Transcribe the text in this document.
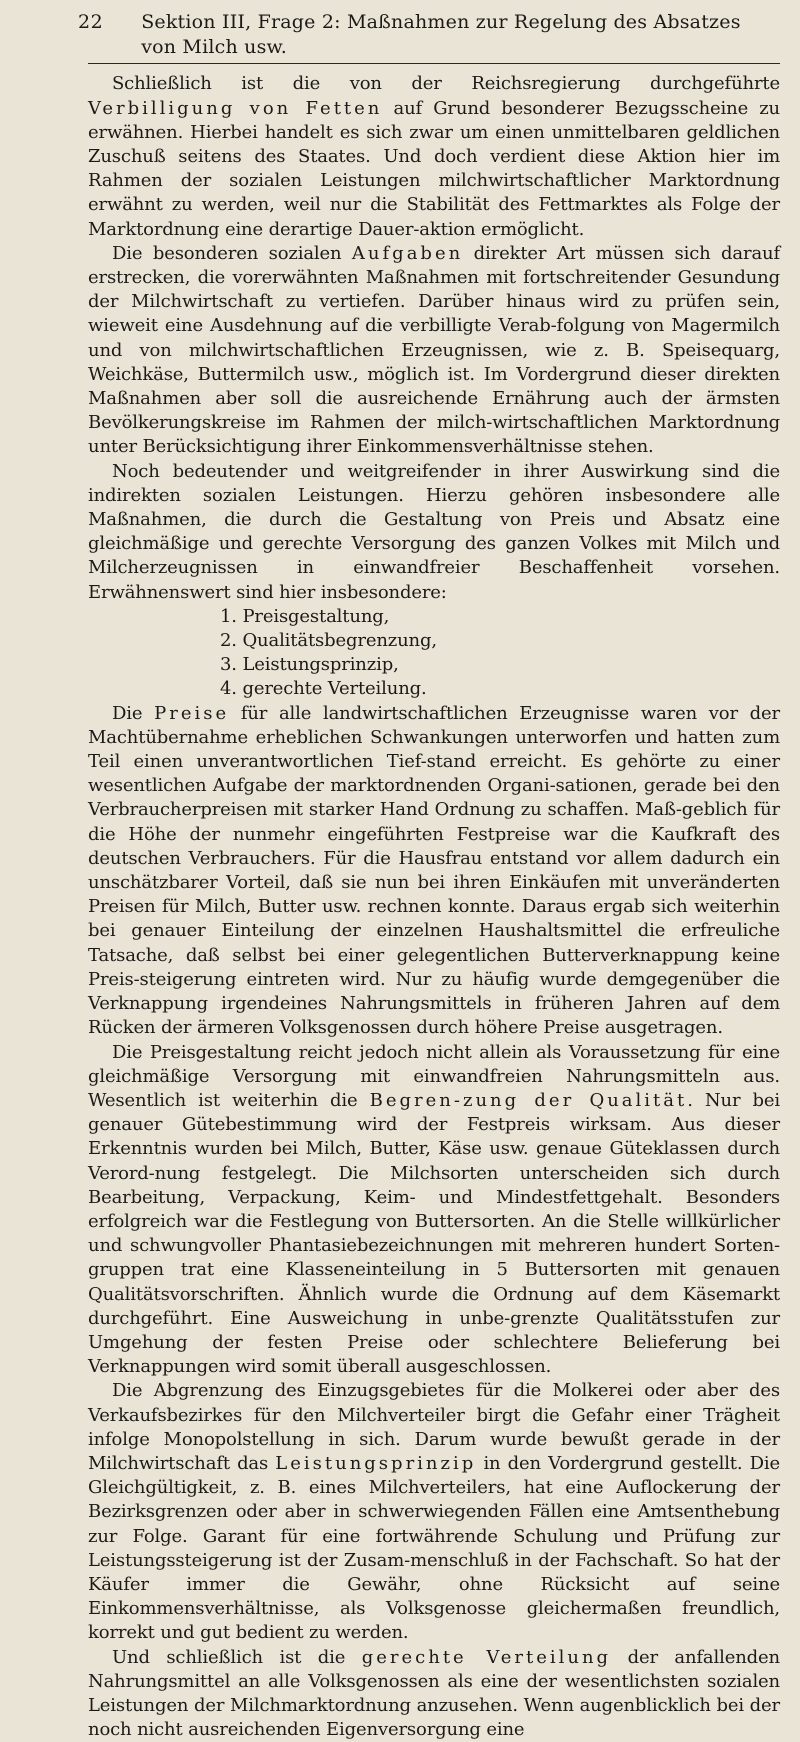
22 Sektion III, Frage 2: Maßnahmen zur Regelung des Absatzes von Milch usw.

Schließlich ist die von der Reichsregierung durchgeführte Verbilligung von Fetten auf Grund besonderer Bezugsscheine zu erwähnen. Hierbei handelt es sich zwar um einen unmittelbaren geldlichen Zuschuß seitens des Staates. Und doch verdient diese Aktion hier im Rahmen der sozialen Leistungen milchwirtschaftlicher Marktordnung erwähnt zu werden, weil nur die Stabilität des Fettmarktes als Folge der Marktordnung eine derartige Dauer-aktion ermöglicht.

Die besonderen sozialen Aufgaben direkter Art müssen sich darauf erstrecken, die vorerwähnten Maßnahmen mit fortschreitender Gesundung der Milchwirtschaft zu vertiefen. Darüber hinaus wird zu prüfen sein, wieweit eine Ausdehnung auf die verbilligte Verab-folgung von Magermilch und von milchwirtschaftlichen Erzeugnissen, wie z. B. Speisequarg, Weichkäse, Buttermilch usw., möglich ist. Im Vordergrund dieser direkten Maßnahmen aber soll die ausreichende Ernährung auch der ärmsten Bevölkerungskreise im Rahmen der milch-wirtschaftlichen Marktordnung unter Berücksichtigung ihrer Einkommensverhältnisse stehen.

Noch bedeutender und weitgreifender in ihrer Auswirkung sind die indirekten sozialen Leistungen. Hierzu gehören insbesondere alle Maßnahmen, die durch die Gestaltung von Preis und Absatz eine gleichmäßige und gerechte Versorgung des ganzen Volkes mit Milch und Milcherzeugnissen in einwandfreier Beschaffenheit vorsehen. Erwähnenswert sind hier insbesondere:

1. Preisgestaltung,
2. Qualitätsbegrenzung,
3. Leistungsprinzip,
4. gerechte Verteilung.

Die Preise für alle landwirtschaftlichen Erzeugnisse waren vor der Machtübernahme erheblichen Schwankungen unterworfen und hatten zum Teil einen unverantwortlichen Tief-stand erreicht. Es gehörte zu einer wesentlichen Aufgabe der marktordnenden Organi-sationen, gerade bei den Verbraucherpreisen mit starker Hand Ordnung zu schaffen. Maß-geblich für die Höhe der nunmehr eingeführten Festpreise war die Kaufkraft des deutschen Verbrauchers. Für die Hausfrau entstand vor allem dadurch ein unschätzbarer Vorteil, daß sie nun bei ihren Einkäufen mit unveränderten Preisen für Milch, Butter usw. rechnen konnte. Daraus ergab sich weiterhin bei genauer Einteilung der einzelnen Haushaltsmittel die erfreuliche Tatsache, daß selbst bei einer gelegentlichen Butterverknappung keine Preis-steigerung eintreten wird. Nur zu häufig wurde demgegenüber die Verknappung irgendeines Nahrungsmittels in früheren Jahren auf dem Rücken der ärmeren Volksgenossen durch höhere Preise ausgetragen.

Die Preisgestaltung reicht jedoch nicht allein als Voraussetzung für eine gleichmäßige Versorgung mit einwandfreien Nahrungsmitteln aus. Wesentlich ist weiterhin die Begren-zung der Qualität. Nur bei genauer Gütebestimmung wird der Festpreis wirksam. Aus dieser Erkenntnis wurden bei Milch, Butter, Käse usw. genaue Güteklassen durch Verord-nung festgelegt. Die Milchsorten unterscheiden sich durch Bearbeitung, Verpackung, Keim- und Mindestfettgehalt. Besonders erfolgreich war die Festlegung von Buttersorten. An die Stelle willkürlicher und schwungvoller Phantasiebezeichnungen mit mehreren hundert Sorten-gruppen trat eine Klasseneinteilung in 5 Buttersorten mit genauen Qualitätsvorschriften. Ähnlich wurde die Ordnung auf dem Käsemarkt durchgeführt. Eine Ausweichung in unbe-grenzte Qualitätsstufen zur Umgehung der festen Preise oder schlechtere Belieferung bei Verknappungen wird somit überall ausgeschlossen.

Die Abgrenzung des Einzugsgebietes für die Molkerei oder aber des Verkaufsbezirkes für den Milchverteiler birgt die Gefahr einer Trägheit infolge Monopolstellung in sich. Darum wurde bewußt gerade in der Milchwirtschaft das Leistungsprinzip in den Vordergrund gestellt. Die Gleichgültigkeit, z. B. eines Milchverteilers, hat eine Auflockerung der Bezirksgrenzen oder aber in schwerwiegenden Fällen eine Amtsenthebung zur Folge. Garant für eine fortwährende Schulung und Prüfung zur Leistungssteigerung ist der Zusam-menschluß in der Fachschaft. So hat der Käufer immer die Gewähr, ohne Rücksicht auf seine Einkommensverhältnisse, als Volksgenosse gleichermaßen freundlich, korrekt und gut bedient zu werden.

Und schließlich ist die gerechte Verteilung der anfallenden Nahrungsmittel an alle Volksgenossen als eine der wesentlichsten sozialen Leistungen der Milchmarktordnung anzusehen. Wenn augenblicklich bei der noch nicht ausreichenden Eigenversorgung eine
